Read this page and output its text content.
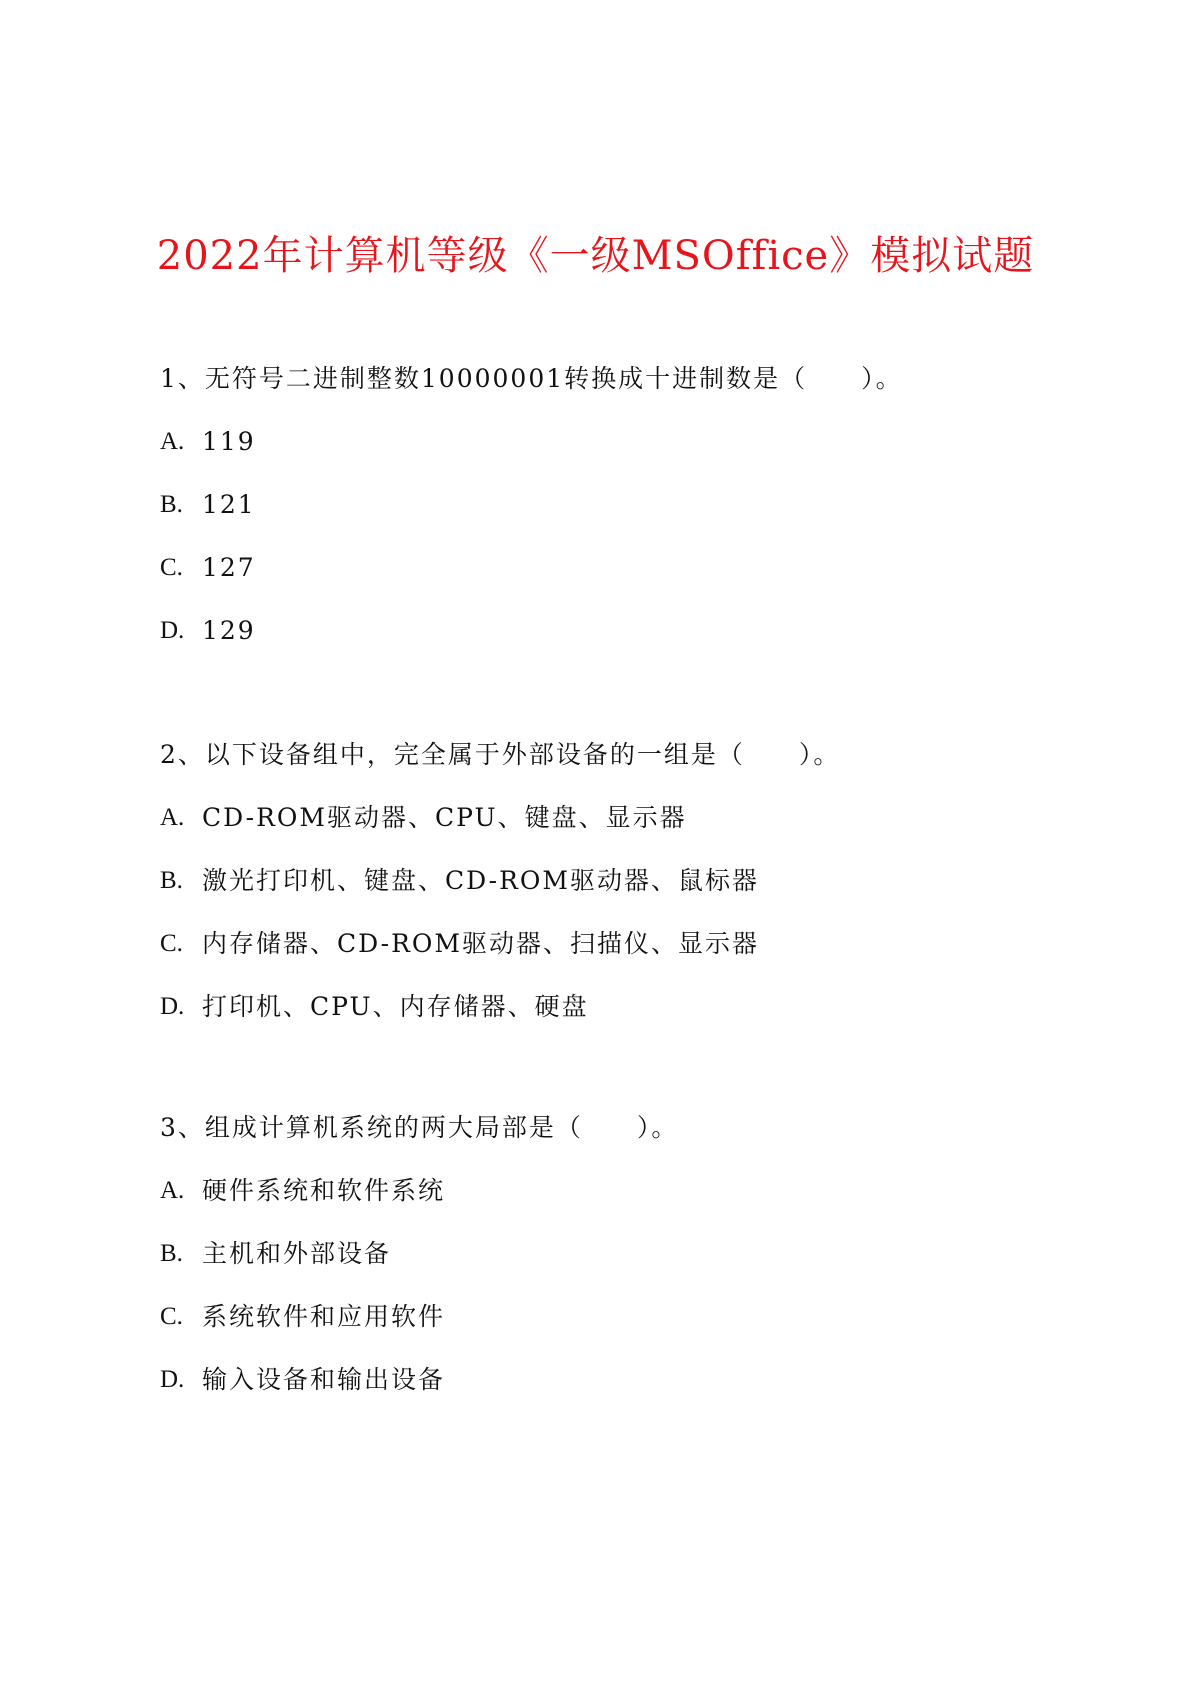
2022年计算机等级《一级MSOffice》模拟试题
1、无符号二进制整数10000001转换成十进制数是（　　）。
A. 119
B. 121
C. 127
D. 129
2、以下设备组中，完全属于外部设备的一组是（　　）。
A. CD-ROM驱动器、CPU、键盘、显示器
B. 激光打印机、键盘、CD-ROM驱动器、鼠标器
C. 内存储器、CD-ROM驱动器、扫描仪、显示器
D. 打印机、CPU、内存储器、硬盘
3、组成计算机系统的两大局部是（　　）。
A. 硬件系统和软件系统
B. 主机和外部设备
C. 系统软件和应用软件
D. 输入设备和输出设备
